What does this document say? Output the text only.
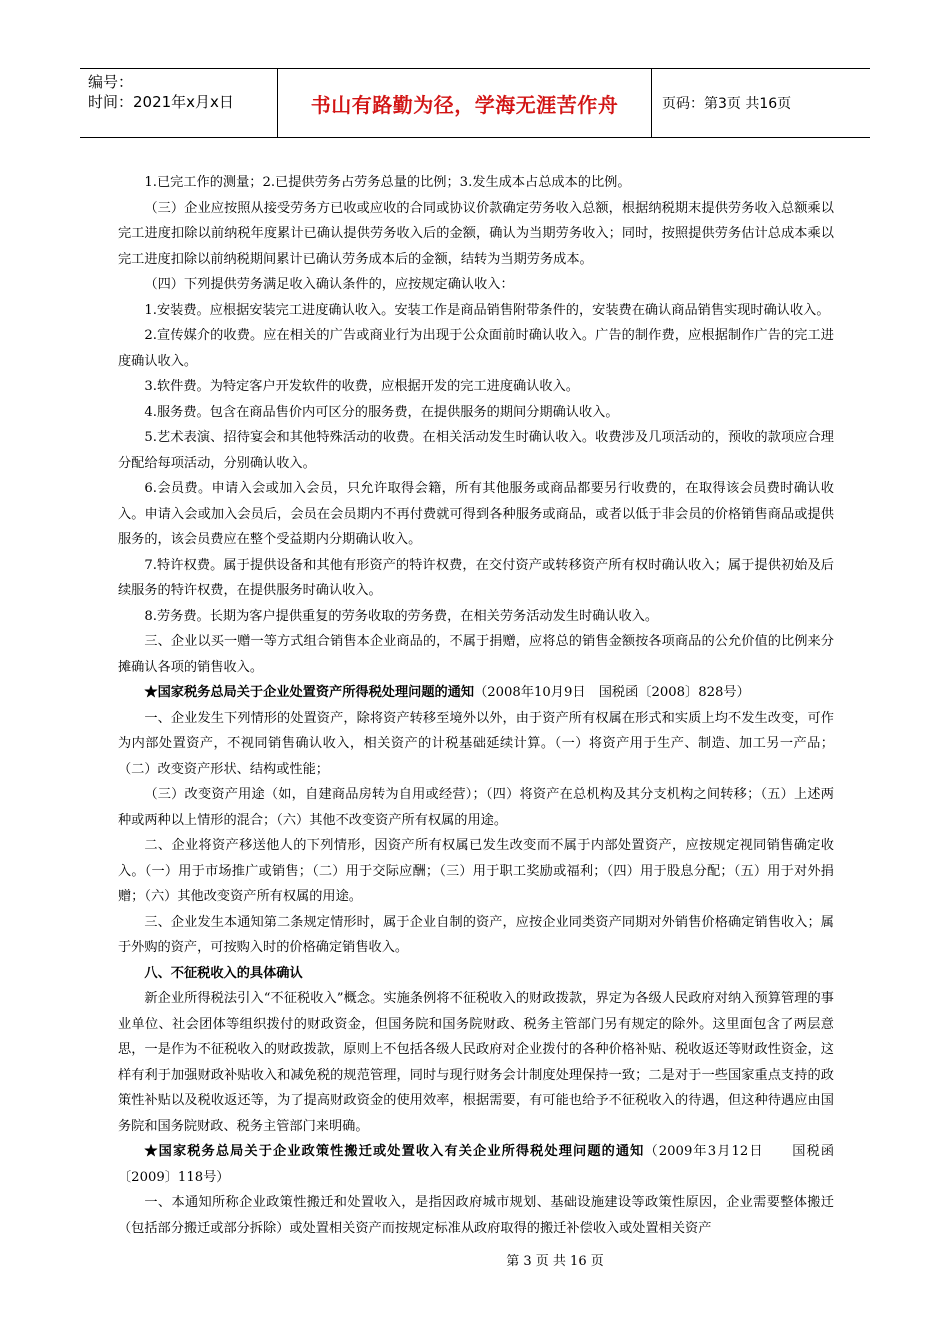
编号：
时间：2021年x月x日	书山有路勤为径，学海无涯苦作舟	页码：第3页 共16页

1.已完工作的测量；2.已提供劳务占劳务总量的比例；3.发生成本占总成本的比例。

（三）企业应按照从接受劳务方已收或应收的合同或协议价款确定劳务收入总额，根据纳税期末提供劳务收入总额乘以完工进度扣除以前纳税年度累计已确认提供劳务收入后的金额，确认为当期劳务收入；同时，按照提供劳务估计总成本乘以完工进度扣除以前纳税期间累计已确认劳务成本后的金额，结转为当期劳务成本。

（四）下列提供劳务满足收入确认条件的，应按规定确认收入：

1.安装费。应根据安装完工进度确认收入。安装工作是商品销售附带条件的，安装费在确认商品销售实现时确认收入。

2.宣传媒介的收费。应在相关的广告或商业行为出现于公众面前时确认收入。广告的制作费，应根据制作广告的完工进度确认收入。

3.软件费。为特定客户开发软件的收费，应根据开发的完工进度确认收入。

4.服务费。包含在商品售价内可区分的服务费，在提供服务的期间分期确认收入。

5.艺术表演、招待宴会和其他特殊活动的收费。在相关活动发生时确认收入。收费涉及几项活动的，预收的款项应合理分配给每项活动，分别确认收入。

6.会员费。申请入会或加入会员，只允许取得会籍，所有其他服务或商品都要另行收费的，在取得该会员费时确认收入。申请入会或加入会员后，会员在会员期内不再付费就可得到各种服务或商品，或者以低于非会员的价格销售商品或提供服务的，该会员费应在整个受益期内分期确认收入。

7.特许权费。属于提供设备和其他有形资产的特许权费，在交付资产或转移资产所有权时确认收入；属于提供初始及后续服务的特许权费，在提供服务时确认收入。

8.劳务费。长期为客户提供重复的劳务收取的劳务费，在相关劳务活动发生时确认收入。

三、企业以买一赠一等方式组合销售本企业商品的，不属于捐赠，应将总的销售金额按各项商品的公允价值的比例来分摊确认各项的销售收入。

★国家税务总局关于企业处置资产所得税处理问题的通知（2008年10月9日　国税函〔2008〕828号）

一、企业发生下列情形的处置资产，除将资产转移至境外以外，由于资产所有权属在形式和实质上均不发生改变，可作为内部处置资产，不视同销售确认收入，相关资产的计税基础延续计算。（一）将资产用于生产、制造、加工另一产品；（二）改变资产形状、结构或性能；

（三）改变资产用途（如，自建商品房转为自用或经营）；（四）将资产在总机构及其分支机构之间转移；（五）上述两种或两种以上情形的混合；（六）其他不改变资产所有权属的用途。

二、企业将资产移送他人的下列情形，因资产所有权属已发生改变而不属于内部处置资产，应按规定视同销售确定收入。（一）用于市场推广或销售；（二）用于交际应酬；（三）用于职工奖励或福利；（四）用于股息分配；（五）用于对外捐赠；（六）其他改变资产所有权属的用途。

三、企业发生本通知第二条规定情形时，属于企业自制的资产，应按企业同类资产同期对外销售价格确定销售收入；属于外购的资产，可按购入时的价格确定销售收入。

八、不征税收入的具体确认

新企业所得税法引入“不征税收入”概念。实施条例将不征税收入的财政拨款，界定为各级人民政府对纳入预算管理的事业单位、社会团体等组织拨付的财政资金，但国务院和国务院财政、税务主管部门另有规定的除外。这里面包含了两层意思，一是作为不征税收入的财政拨款，原则上不包括各级人民政府对企业拨付的各种价格补贴、税收返还等财政性资金，这样有利于加强财政补贴收入和减免税的规范管理，同时与现行财务会计制度处理保持一致；二是对于一些国家重点支持的政策性补贴以及税收返还等，为了提高财政资金的使用效率，根据需要，有可能也给予不征税收入的待遇，但这种待遇应由国务院和国务院财政、税务主管部门来明确。

★国家税务总局关于企业政策性搬迁或处置收入有关企业所得税处理问题的通知（2009年3月12日　　国税函〔2009〕118号）

一、本通知所称企业政策性搬迁和处置收入，是指因政府城市规划、基础设施建设等政策性原因，企业需要整体搬迁（包括部分搬迁或部分拆除）或处置相关资产而按规定标准从政府取得的搬迁补偿收入或处置相关资产

第 3 页 共 16 页
